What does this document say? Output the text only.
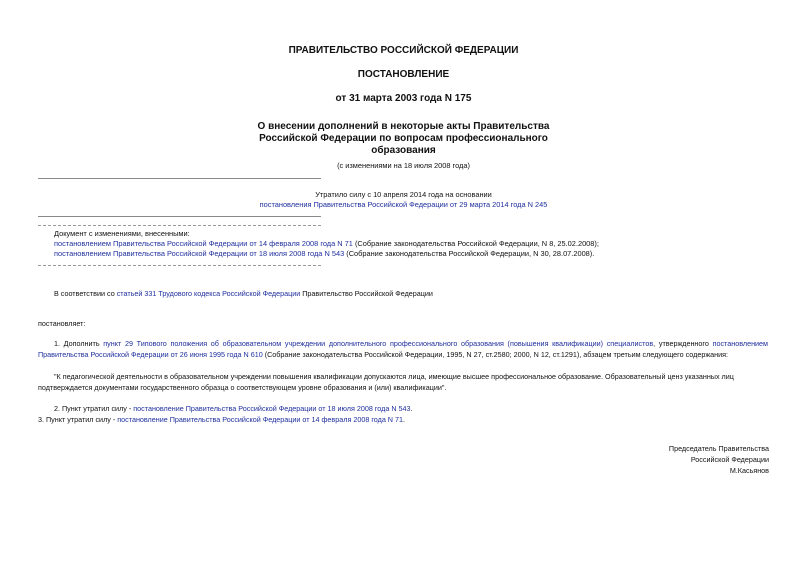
ПРАВИТЕЛЬСТВО РОССИЙСКОЙ ФЕДЕРАЦИИ
ПОСТАНОВЛЕНИЕ
от 31 марта 2003 года N 175
О внесении дополнений в некоторые акты Правительства
Российской Федерации по вопросам профессионального
образования
(с изменениями на 18 июля 2008 года)
Утратило силу с 10 апреля 2014 года на основании
постановления Правительства Российской Федерации от 29 марта 2014 года N 245
Документ с изменениями, внесенными:
постановлением Правительства Российской Федерации от 14 февраля 2008 года N 71 (Собрание законодательства Российской Федерации, N 8, 25.02.2008);
постановлением Правительства Российской Федерации от 18 июля 2008 года N 543 (Собрание законодательства Российской Федерации, N 30, 28.07.2008).
В соответствии со статьей 331 Трудового кодекса Российской Федерации Правительство Российской Федерации
постановляет:
1. Дополнить пункт 29 Типового положения об образовательном учреждении дополнительного профессионального образования (повышения квалификации) специалистов, утвержденного постановлением Правительства Российской Федерации от 26 июня 1995 года N 610 (Собрание законодательства Российской Федерации, 1995, N 27, ст.2580; 2000, N 12, ст.1291), абзацем третьим следующего содержания:
"К педагогической деятельности в образовательном учреждении повышения квалификации допускаются лица, имеющие высшее профессиональное образование. Образовательный ценз указанных лиц
подтверждается документами государственного образца о соответствующем уровне образования и (или) квалификации".
2. Пункт утратил силу - постановление Правительства Российской Федерации от 18 июля 2008 года N 543.
3. Пункт утратил силу - постановление Правительства Российской Федерации от 14 февраля 2008 года N 71.
Председатель Правительства
Российской Федерации
М.Касьянов
